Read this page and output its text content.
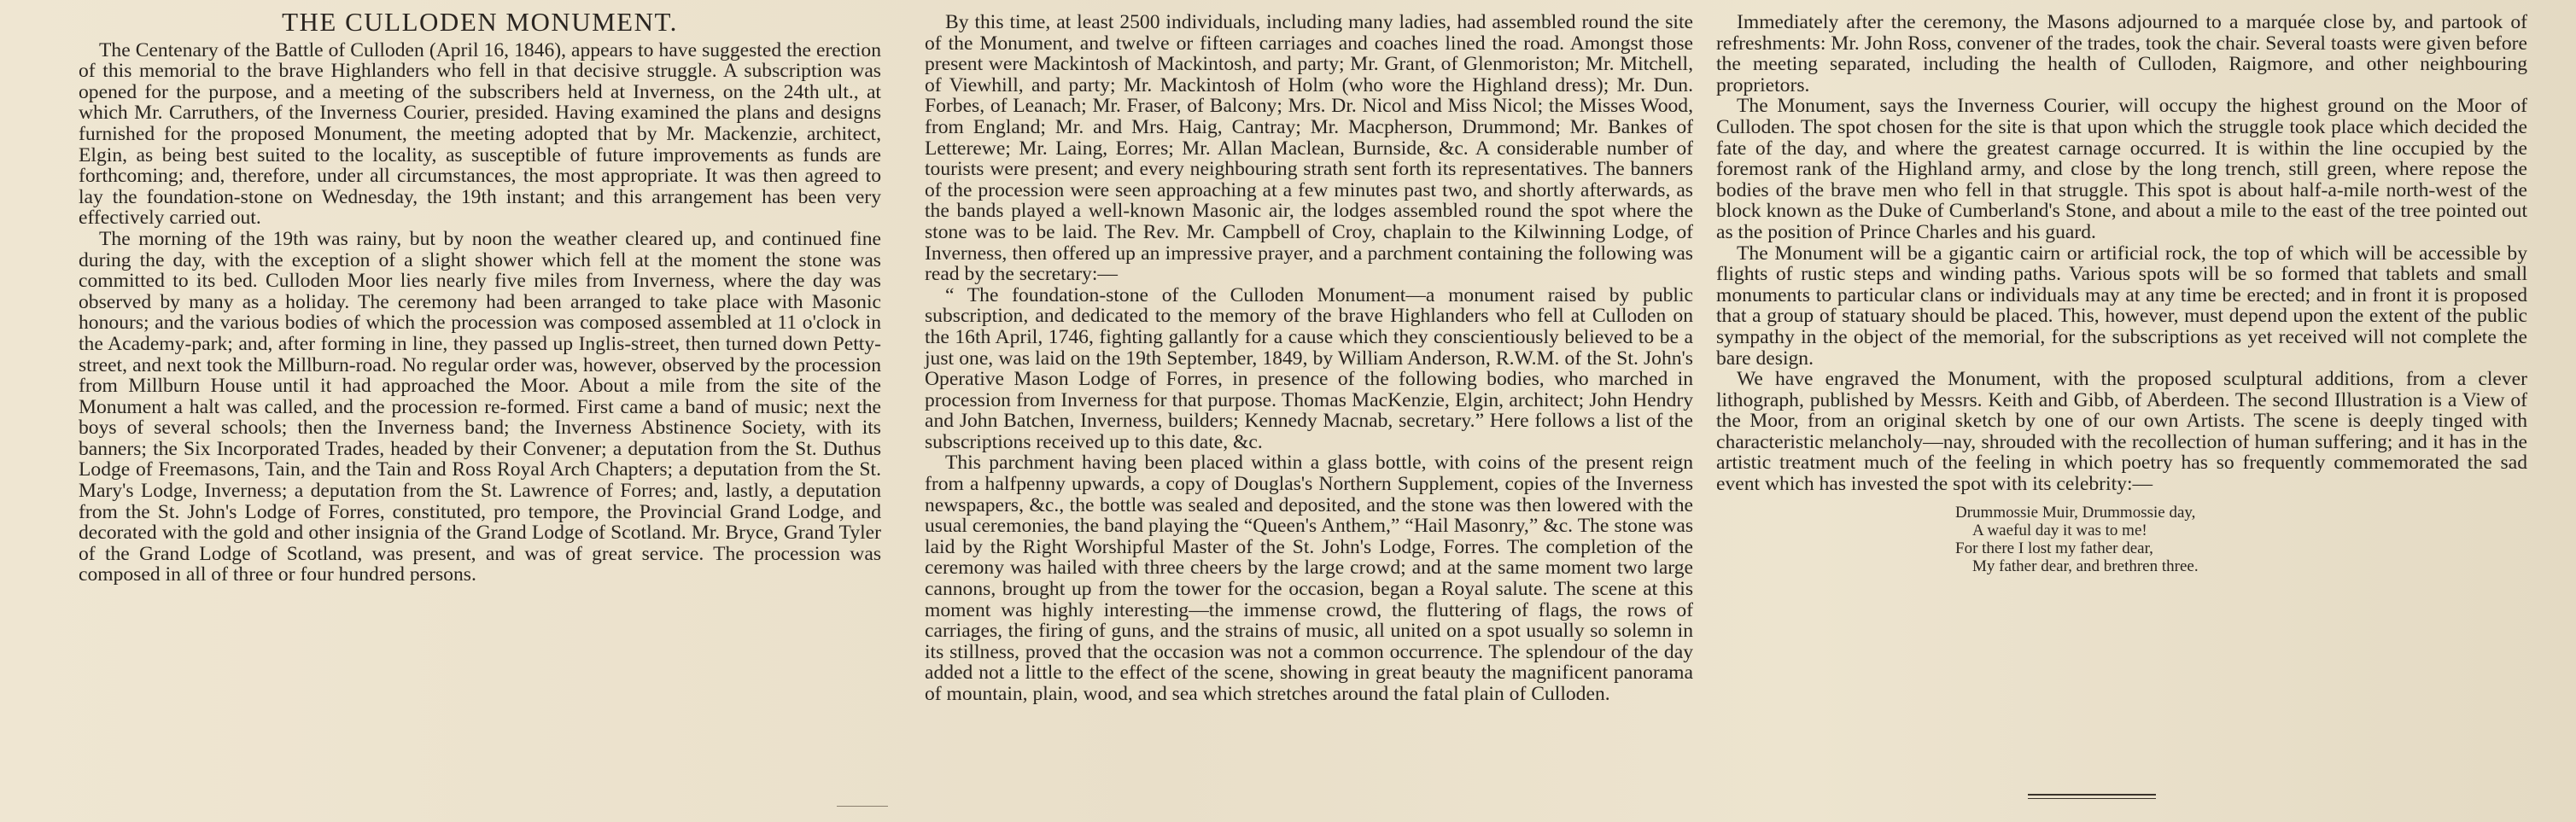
THE CULLODEN MONUMENT.

The Centenary of the Battle of Culloden (April 16, 1846), appears to have suggested the erection of this memorial to the brave Highlanders who fell in that decisive struggle. A subscription was opened for the purpose, and a meeting of the subscribers held at Inverness, on the 24th ult., at which Mr. Carruthers, of the Inverness Courier, presided. Having examined the plans and designs furnished for the proposed Monument, the meeting adopted that by Mr. Mackenzie, architect, Elgin, as being best suited to the locality, as susceptible of future improvements as funds are forthcoming; and, therefore, under all circumstances, the most appropriate. It was then agreed to lay the foundation-stone on Wednesday, the 19th instant; and this arrangement has been very effectively carried out.

The morning of the 19th was rainy, but by noon the weather cleared up, and continued fine during the day, with the exception of a slight shower which fell at the moment the stone was committed to its bed. Culloden Moor lies nearly five miles from Inverness, where the day was observed by many as a holiday. The ceremony had been arranged to take place with Masonic honours; and the various bodies of which the procession was composed assembled at 11 o'clock in the Academy-park; and, after forming in line, they passed up Inglis-street, then turned down Petty-street, and next took the Millburn-road. No regular order was, however, observed by the procession from Millburn House until it had approached the Moor. About a mile from the site of the Monument a halt was called, and the procession re-formed. First came a band of music; next the boys of several schools; then the Inverness band; the Inverness Abstinence Society, with its banners; the Six Incorporated Trades, headed by their Convener; a deputation from the St. Duthus Lodge of Freemasons, Tain, and the Tain and Ross Royal Arch Chapters; a deputation from the St. Mary's Lodge, Inverness; a deputation from the St. Lawrence of Forres; and, lastly, a deputation from the St. John's Lodge of Forres, constituted, pro tempore, the Provincial Grand Lodge, and decorated with the gold and other insignia of the Grand Lodge of Scotland. Mr. Bryce, Grand Tyler of the Grand Lodge of Scotland, was present, and was of great service. The procession was composed in all of three or four hundred persons.

By this time, at least 2500 individuals, including many ladies, had assembled round the site of the Monument, and twelve or fifteen carriages and coaches lined the road. Amongst those present were Mackintosh of Mackintosh, and party; Mr. Grant, of Glenmoriston; Mr. Mitchell, of Viewhill, and party; Mr. Mackintosh of Holm (who wore the Highland dress); Mr. Dun. Forbes, of Leanach; Mr. Fraser, of Balcony; Mrs. Dr. Nicol and Miss Nicol; the Misses Wood, from England; Mr. and Mrs. Haig, Cantray; Mr. Macpherson, Drummond; Mr. Bankes of Letterewe; Mr. Laing, Eorres; Mr. Allan Maclean, Burnside, &c. A considerable number of tourists were present; and every neighbouring strath sent forth its representatives. The banners of the procession were seen approaching at a few minutes past two, and shortly afterwards, as the bands played a well-known Masonic air, the lodges assembled round the spot where the stone was to be laid. The Rev. Mr. Campbell of Croy, chaplain to the Kilwinning Lodge, of Inverness, then offered up an impressive prayer, and a parchment containing the following was read by the secretary:—

“ The foundation-stone of the Culloden Monument—a monument raised by public subscription, and dedicated to the memory of the brave Highlanders who fell at Culloden on the 16th April, 1746, fighting gallantly for a cause which they conscientiously believed to be a just one, was laid on the 19th September, 1849, by William Anderson, R.W.M. of the St. John's Operative Mason Lodge of Forres, in presence of the following bodies, who marched in procession from Inverness for that purpose. Thomas MacKenzie, Elgin, architect; John Hendry and John Batchen, Inverness, builders; Kennedy Macnab, secretary.” Here follows a list of the subscriptions received up to this date, &c.

This parchment having been placed within a glass bottle, with coins of the present reign from a halfpenny upwards, a copy of Douglas's Northern Supplement, copies of the Inverness newspapers, &c., the bottle was sealed and deposited, and the stone was then lowered with the usual ceremonies, the band playing the “Queen's Anthem,” “Hail Masonry,” &c. The stone was laid by the Right Worshipful Master of the St. John's Lodge, Forres. The completion of the ceremony was hailed with three cheers by the large crowd; and at the same moment two large cannons, brought up from the tower for the occasion, began a Royal salute. The scene at this moment was highly interesting—the immense crowd, the fluttering of flags, the rows of carriages, the firing of guns, and the strains of music, all united on a spot usually so solemn in its stillness, proved that the occasion was not a common occurrence. The splendour of the day added not a little to the effect of the scene, showing in great beauty the magnificent panorama of mountain, plain, wood, and sea which stretches around the fatal plain of Culloden.

Immediately after the ceremony, the Masons adjourned to a marquée close by, and partook of refreshments: Mr. John Ross, convener of the trades, took the chair. Several toasts were given before the meeting separated, including the health of Culloden, Raigmore, and other neighbouring proprietors.

The Monument, says the Inverness Courier, will occupy the highest ground on the Moor of Culloden. The spot chosen for the site is that upon which the struggle took place which decided the fate of the day, and where the greatest carnage occurred. It is within the line occupied by the foremost rank of the Highland army, and close by the long trench, still green, where repose the bodies of the brave men who fell in that struggle. This spot is about half-a-mile north-west of the block known as the Duke of Cumberland's Stone, and about a mile to the east of the tree pointed out as the position of Prince Charles and his guard.

The Monument will be a gigantic cairn or artificial rock, the top of which will be accessible by flights of rustic steps and winding paths. Various spots will be so formed that tablets and small monuments to particular clans or individuals may at any time be erected; and in front it is proposed that a group of statuary should be placed. This, however, must depend upon the extent of the public sympathy in the object of the memorial, for the subscriptions as yet received will not complete the bare design.

We have engraved the Monument, with the proposed sculptural additions, from a clever lithograph, published by Messrs. Keith and Gibb, of Aberdeen. The second Illustration is a View of the Moor, from an original sketch by one of our own Artists. The scene is deeply tinged with characteristic melancholy—nay, shrouded with the recollection of human suffering; and it has in the artistic treatment much of the feeling in which poetry has so frequently commemorated the sad event which has invested the spot with its celebrity:—

Drummossie Muir, Drummossie day,
A waeful day it was to me!
For there I lost my father dear,
My father dear, and brethren three.
